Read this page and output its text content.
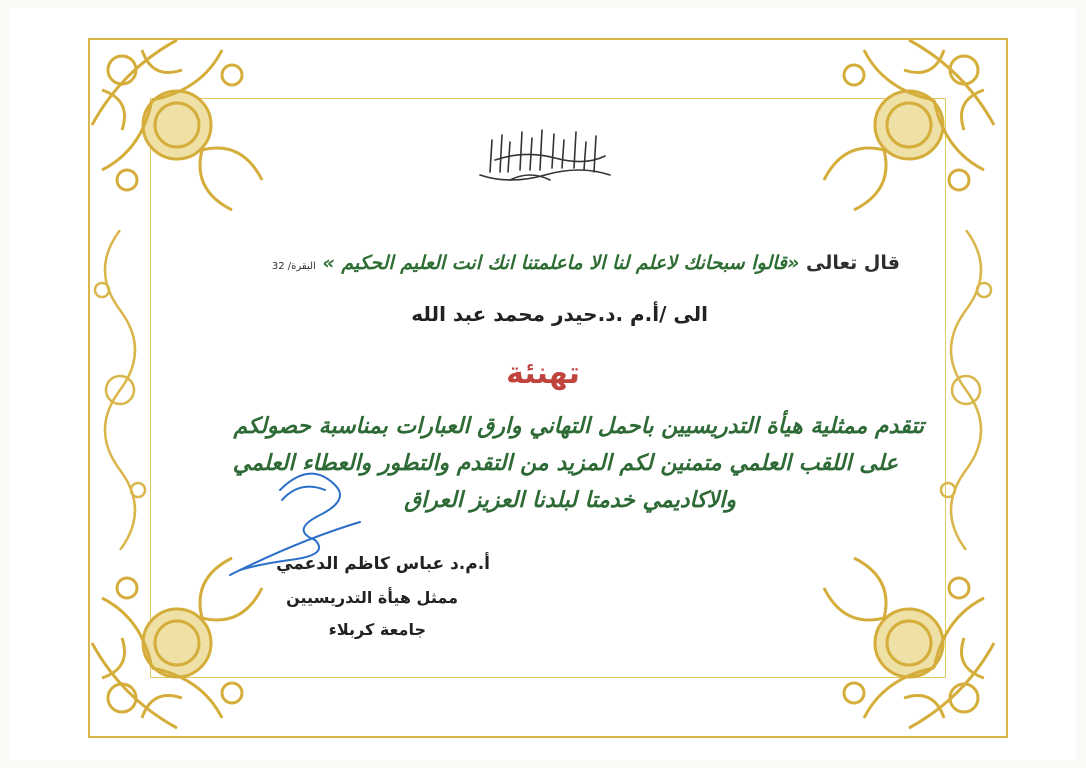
قال تعالى «قالوا سبحانك لاعلم لنا الا ماعلمتنا انك انت العليم الحكيم » البقرة/ 32
الى /أ.م .د.حيدر محمد عبد الله
تهنئة
تتقدم ممثلية هيأة التدريسيين باحمل التهاني وارق العبارات بمناسبة حصولكم
على اللقب العلمي متمنين لكم المزيد من التقدم والتطور والعطاء العلمي
والاكاديمي خدمتا لبلدنا العزيز العراق
أ.م.د عباس كاظم الدعمي
ممثل هيأة التدريسيين
جامعة كربلاء
